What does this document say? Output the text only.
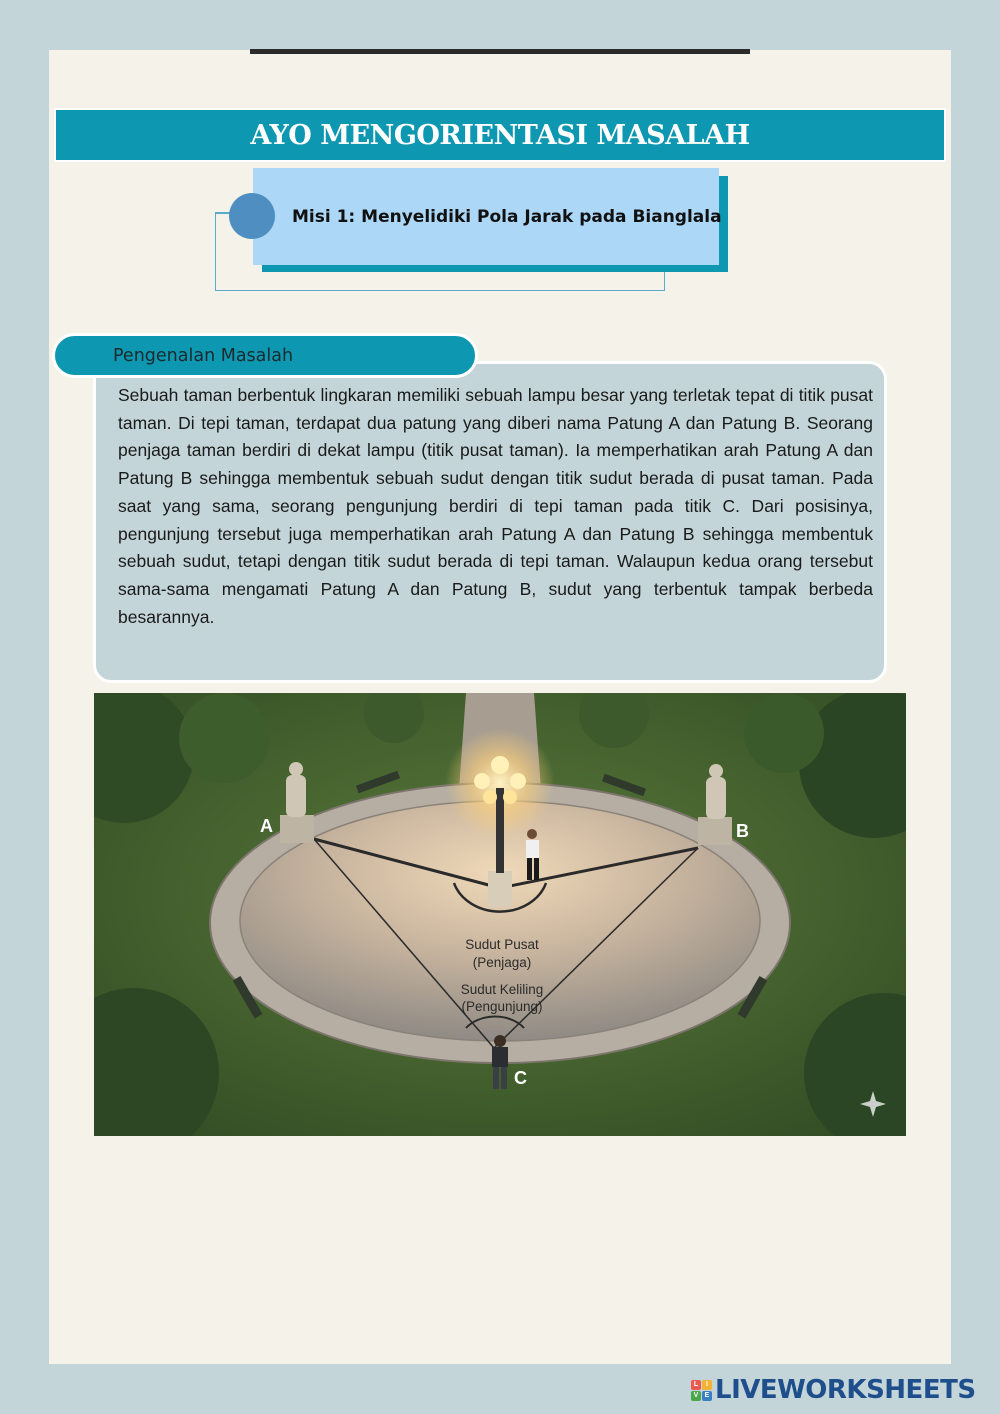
AYO MENGORIENTASI MASALAH
Misi 1: Menyelidiki Pola Jarak pada Bianglala
Pengenalan Masalah

Sebuah taman berbentuk lingkaran memiliki sebuah lampu besar yang terletak tepat di titik pusat taman. Di tepi taman, terdapat dua patung yang diberi nama Patung A dan Patung B. Seorang penjaga taman berdiri di dekat lampu (titik pusat taman). Ia memperhatikan arah Patung A dan Patung B sehingga membentuk sebuah sudut dengan titik sudut berada di pusat taman. Pada saat yang sama, seorang pengunjung berdiri di tepi taman pada titik C. Dari posisinya, pengunjung tersebut juga memperhatikan arah Patung A dan Patung B sehingga membentuk sebuah sudut, tetapi dengan titik sudut berada di tepi taman. Walaupun kedua orang tersebut sama-sama mengamati Patung A dan Patung B, sudut yang terbentuk tampak berbeda besarannya.

A	B
C
Sudut Pusat
(Penjaga)
Sudut Keliling
(Pengunjung)
L	I
V E LIVEWORKSHEETS
